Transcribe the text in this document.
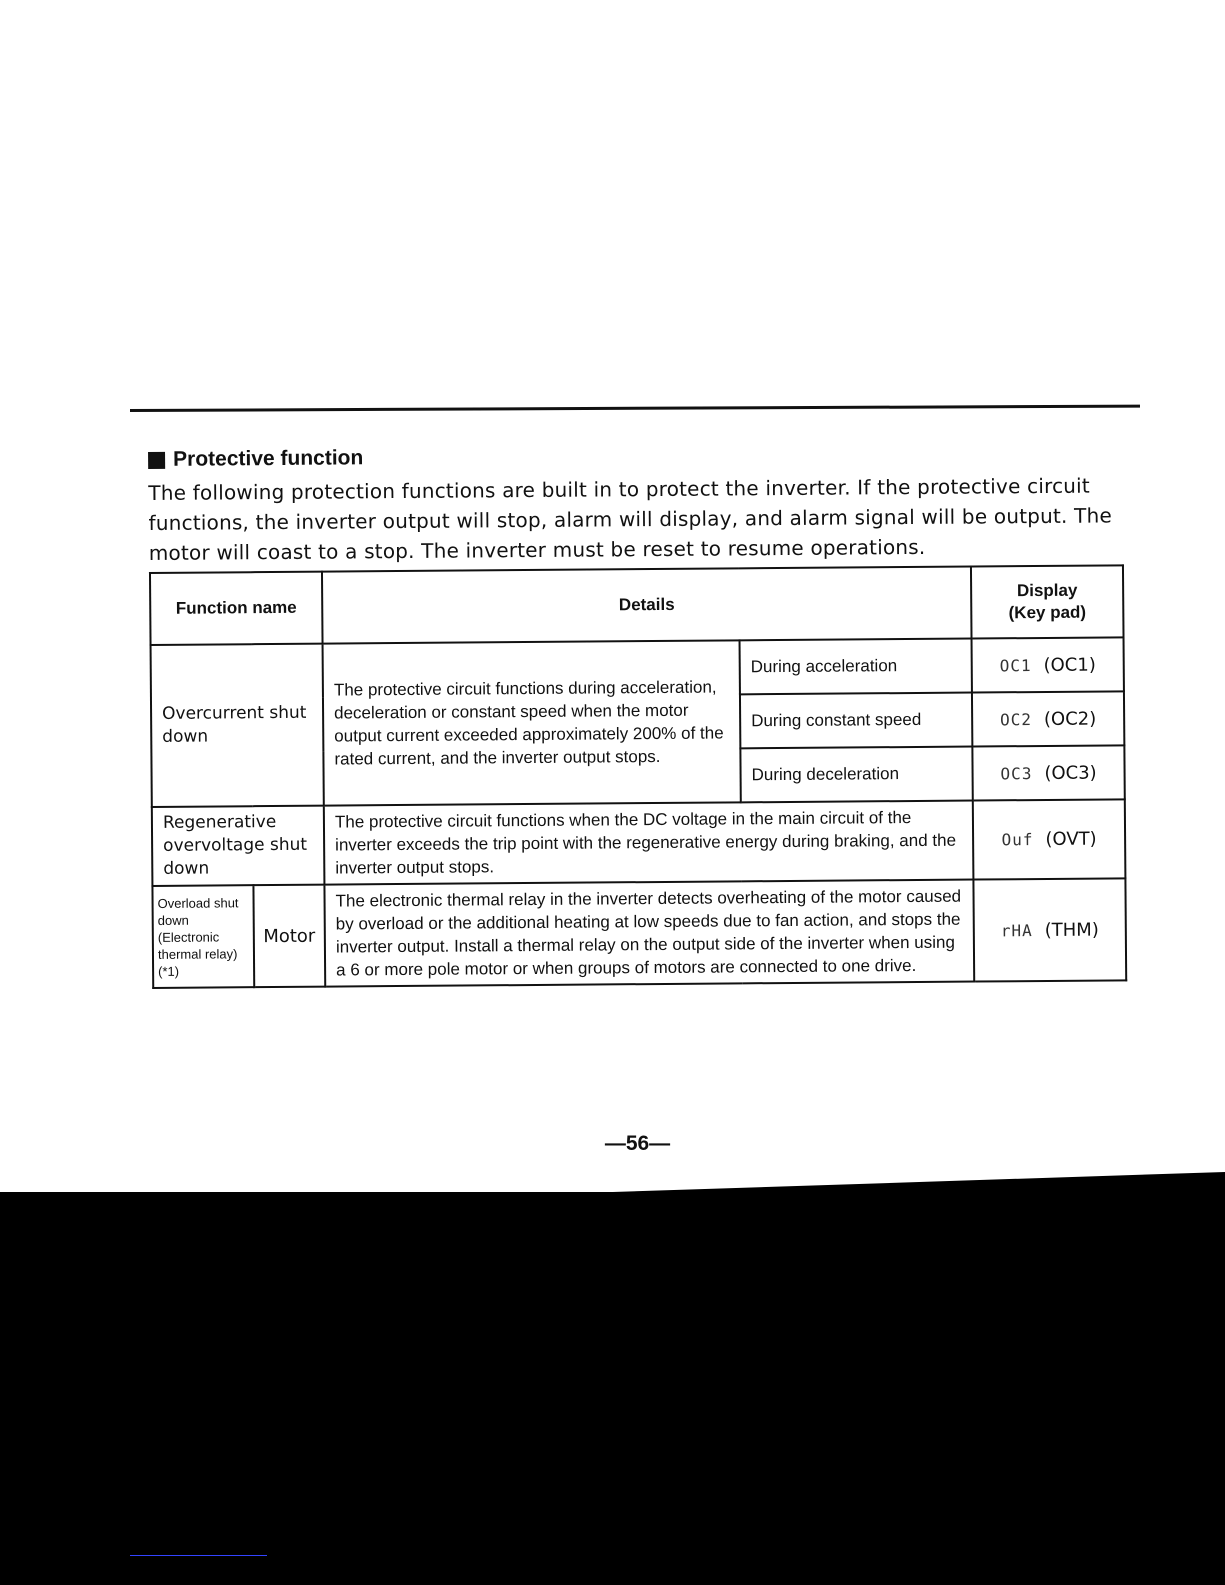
Protective function

The following protection functions are built in to protect the inverter. If the protective circuit functions, the inverter output will stop, alarm will display, and alarm signal will be output. The motor will coast to a stop. The inverter must be reset to resume operations.

Function name		Details		Display
(Key pad)

Overcurrent shut down		The protective circuit functions during acceleration, deceleration or constant speed when the motor output current exceeded approximately 200% of the rated current, and the inverter output stops.	During acceleration	OC1 (OC1)
			During constant speed	OC2 (OC2)
			During deceleration	OC3 (OC3)
Regenerative overvoltage shut down		The protective circuit functions when the DC voltage in the main circuit of the inverter exceeds the trip point with the regenerative energy during braking, and the inverter output stops.		Ouf (OVT)
Overload shut down (Electronic thermal relay) (*1)	Motor	The electronic thermal relay in the inverter detects overheating of the motor caused by overload or the additional heating at low speeds due to fan action, and stops the inverter output. Install a thermal relay on the output side of the inverter when using a 6 or more pole motor or when groups of motors are connected to one drive.		rHA (THM)
—56—
